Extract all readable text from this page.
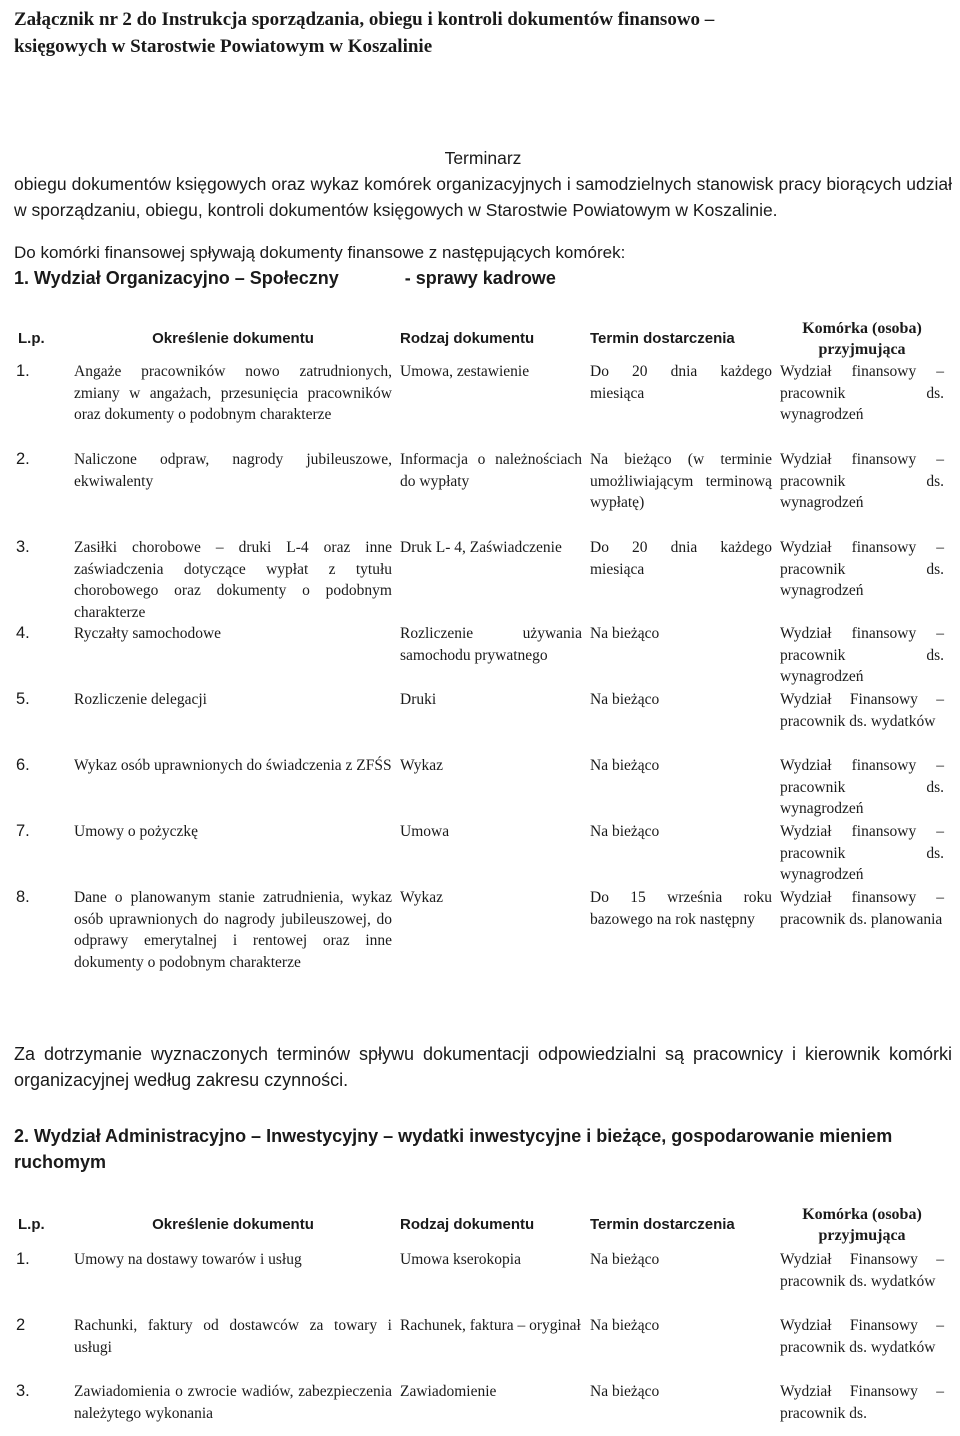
Załącznik nr 2 do Instrukcja sporządzania, obiegu i kontroli dokumentów finansowo –
księgowych w Starostwie Powiatowym w Koszalinie

Terminarz
obiegu dokumentów księgowych oraz wykaz komórek organizacyjnych i samodzielnych stanowisk pracy biorących udział w sporządzaniu, obiegu, kontroli dokumentów księgowych w Starostwie Powiatowym w Koszalinie.
Do komórki finansowej spływają dokumenty finansowe z następujących komórek:
1. Wydział Organizacyjno – Społeczny	- sprawy kadrowe
L.p.	Określenie dokumentu	Rodzaj dokumentu	Termin dostarczenia	Komórka (osoba) przyjmująca
1.	Angaże pracowników nowo zatrudnionych, zmiany w angażach, przesunięcia pracowników oraz dokumenty o podobnym charakterze	Umowa, zestawienie	Do 20 dnia każdego miesiąca	Wydział finansowy – pracownik ds. wynagrodzeń
2.	Naliczone odpraw, nagrody jubileuszowe, ekwiwalenty	Informacja o należnościach do wypłaty	Na bieżąco (w terminie umożliwiającym terminową wypłatę)	Wydział finansowy – pracownik ds. wynagrodzeń
3.	Zasiłki chorobowe – druki L-4 oraz inne zaświadczenia dotyczące wypłat z tytułu chorobowego oraz dokumenty o podobnym charakterze	Druk L- 4, Zaświadczenie	Do 20 dnia każdego miesiąca	Wydział finansowy – pracownik ds. wynagrodzeń
4.	Ryczałty samochodowe	Rozliczenie używania samochodu prywatnego	Na bieżąco	Wydział finansowy – pracownik ds. wynagrodzeń
5.	Rozliczenie delegacji	Druki	Na bieżąco	Wydział Finansowy – pracownik ds. wydatków
6.	Wykaz osób uprawnionych do świadczenia z ZFŚS	Wykaz	Na bieżąco	Wydział finansowy – pracownik ds. wynagrodzeń
7.	Umowy o pożyczkę	Umowa	Na bieżąco	Wydział finansowy – pracownik ds. wynagrodzeń
8.	Dane o planowanym stanie zatrudnienia, wykaz osób uprawnionych do nagrody jubileuszowej, do odprawy emerytalnej i rentowej oraz inne dokumenty o podobnym charakterze	Wykaz	Do 15 września roku bazowego na rok następny	Wydział finansowy – pracownik ds. planowania
Za dotrzymanie wyznaczonych terminów spływu dokumentacji odpowiedzialni są pracownicy i kierownik komórki organizacyjnej według zakresu czynności.
2. Wydział Administracyjno – Inwestycyjny – wydatki inwestycyjne i bieżące, gospodarowanie mieniem ruchomym
L.p.	Określenie dokumentu	Rodzaj dokumentu	Termin dostarczenia	Komórka (osoba) przyjmująca
1.	Umowy na dostawy towarów i usług	Umowa kserokopia	Na bieżąco	Wydział Finansowy – pracownik ds. wydatków
2	Rachunki, faktury od dostawców za towary i usługi	Rachunek, faktura – oryginał	Na bieżąco	Wydział Finansowy – pracownik ds. wydatków
3.	Zawiadomienia o zwrocie wadiów, zabezpieczenia należytego wykonania	Zawiadomienie	Na bieżąco	Wydział Finansowy – pracownik ds.
